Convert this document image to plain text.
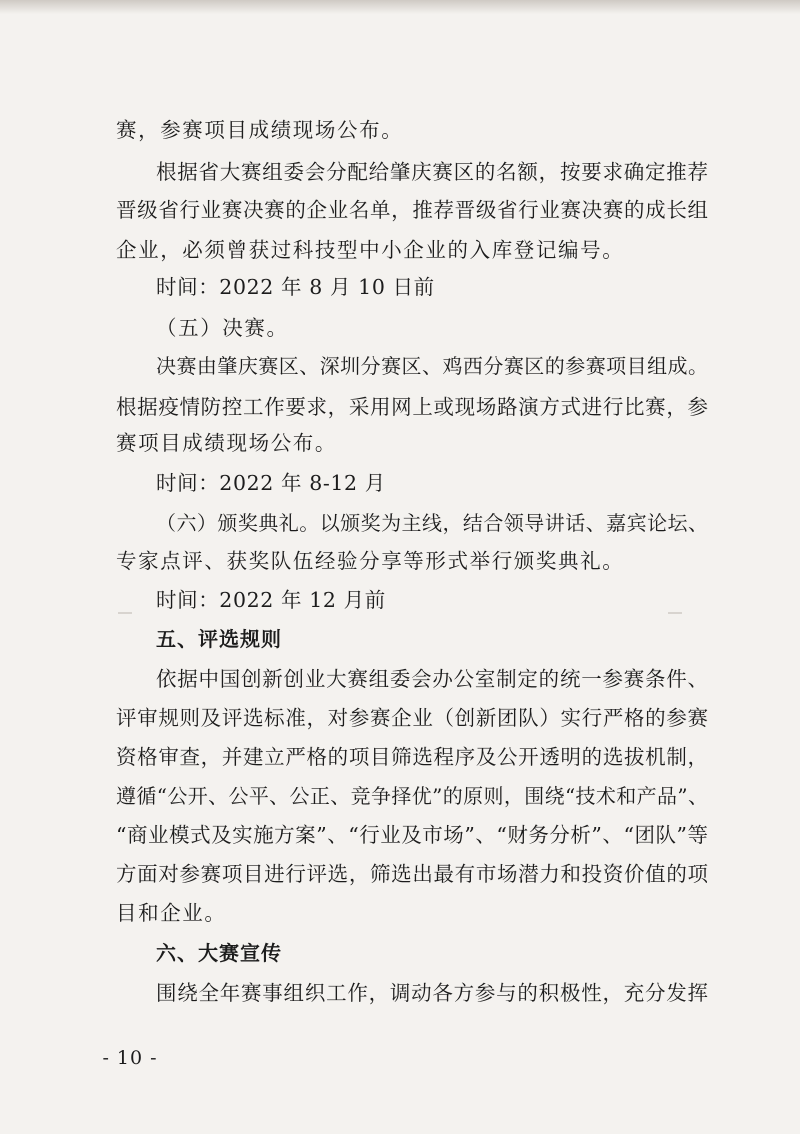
赛，参赛项目成绩现场公布。
根据省大赛组委会分配给肇庆赛区的名额，按要求确定推荐
晋级省行业赛决赛的企业名单，推荐晋级省行业赛决赛的成长组
企业，必须曾获过科技型中小企业的入库登记编号。
时间：2022 年 8 月 10 日前
（五）决赛。
决赛由肇庆赛区、深圳分赛区、鸡西分赛区的参赛项目组成。
根据疫情防控工作要求，采用网上或现场路演方式进行比赛，参
赛项目成绩现场公布。
时间：2022 年 8-12 月
（六）颁奖典礼。以颁奖为主线，结合领导讲话、嘉宾论坛、
专家点评、获奖队伍经验分享等形式举行颁奖典礼。
时间：2022 年 12 月前
五、评选规则
依据中国创新创业大赛组委会办公室制定的统一参赛条件、
评审规则及评选标准，对参赛企业（创新团队）实行严格的参赛
资格审查，并建立严格的项目筛选程序及公开透明的选拔机制，
遵循“公开、公平、公正、竞争择优”的原则，围绕“技术和产品”、
“商业模式及实施方案”、“行业及市场”、“财务分析”、“团队”等
方面对参赛项目进行评选，筛选出最有市场潜力和投资价值的项
目和企业。
六、大赛宣传
围绕全年赛事组织工作，调动各方参与的积极性，充分发挥
- 10 -
